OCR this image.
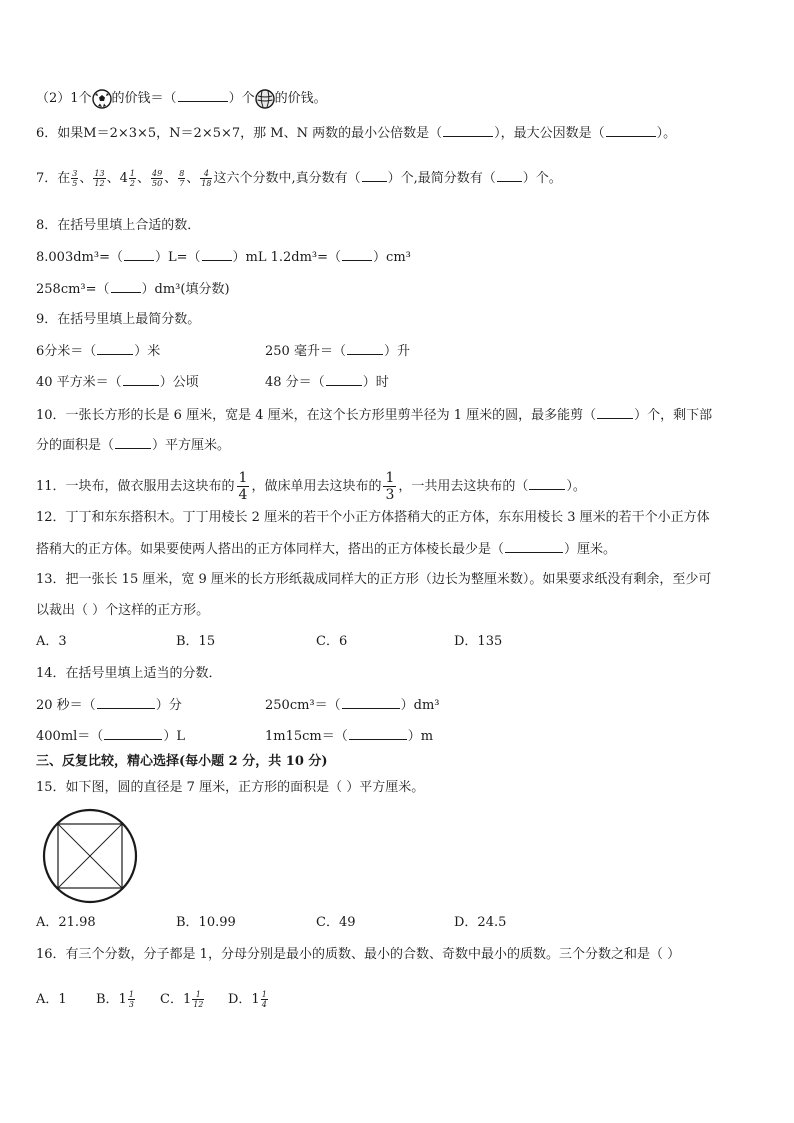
（2）1个 的价钱＝（	）个 的价钱。
6．如果M＝2×3×5，N＝2×5×7，那 M、N 两数的最小公倍数是（	），最大公因数是（	）。
7．在 $\frac{3}{5}$ 、 $\frac{13}{12}$ 、$4 \frac{1}{2}$ 、 $\frac{49}{50}$ 、 $\frac{8}{7}$ 、 $\frac{4}{18}$ 这六个分数中,真分数有（ ）个,最简分数有（ ）个。
8．在括号里填上合适的数．
8.003dm³=（ ）L=（ ）mL 1.2dm³=（ ）cm³
258cm³=（ ）dm³(填分数)
9．在括号里填上最简分数。
6分米＝（	）米	250 毫升＝（	）升
40 平方米＝（	）公顷	48 分＝（	）时
10．一张长方形的长是 6 厘米，宽是 4 厘米，在这个长方形里剪半径为 1 厘米的圆，最多能剪（	）个，剩下部
分的面积是（	）平方厘米。
11．一块布，做衣服用去这块布的 $\frac{1}{4}$ ，做床单用去这块布的 $\frac{1}{3}$ ，一共用去这块布的（	）。
12．丁丁和东东搭积木。丁丁用棱长 2 厘米的若干个小正方体搭稍大的正方体，东东用棱长 3 厘米的若干个小正方体
搭稍大的正方体。如果要使两人搭出的正方体同样大，搭出的正方体棱长最少是（	）厘米。
13．把一张长 15 厘米，宽 9 厘米的长方形纸裁成同样大的正方形（边长为整厘米数）。如果要求纸没有剩余，至少可
以裁出（ ）个这样的正方形。
A．3	B．15	C．6	D．135
14．在括号里填上适当的分数．
20 秒＝（	）分	250cm³＝（	）dm³
400ml＝（	）L	1m15cm＝（	）m
三、反复比较，精心选择(每小题 2 分，共 10 分)
15．如下图，圆的直径是 7 厘米，正方形的面积是（ ）平方厘米。
A．21.98	B．10.99	C．49	D．24.5
16．有三个分数，分子都是 1，分母分别是最小的质数、最小的合数、奇数中最小的质数。三个分数之和是（ ）
A．1 B．$1 \frac{1}{3}$ C．$1 \frac{1}{12}$ D．$1 \frac{1}{4}$
